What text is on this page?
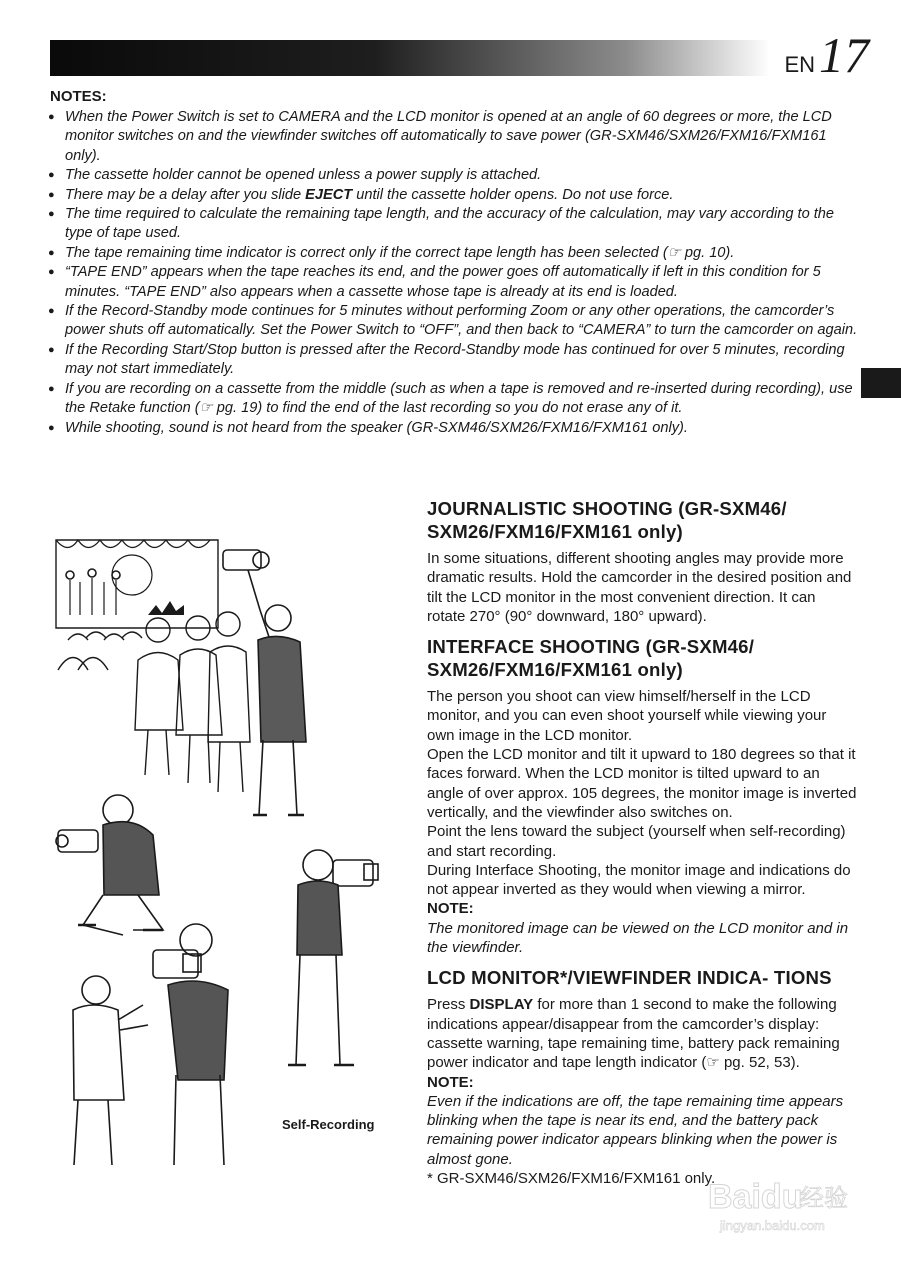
EN17
NOTES:
● When the Power Switch is set to CAMERA and the LCD monitor is opened at an angle of 60 degrees or more, the LCD monitor switches on and the viewfinder switches off automatically to save power (GR-SXM46/SXM26/FXM16/FXM161 only).
● The cassette holder cannot be opened unless a power supply is attached.
● There may be a delay after you slide EJECT until the cassette holder opens. Do not use force.
● The time required to calculate the remaining tape length, and the accuracy of the calculation, may vary according to the type of tape used.
● The tape remaining time indicator is correct only if the correct tape length has been selected (☞ pg. 10).
● “TAPE END” appears when the tape reaches its end, and the power goes off automatically if left in this condition for 5 minutes. “TAPE END” also appears when a cassette whose tape is already at its end is loaded.
● If the Record-Standby mode continues for 5 minutes without performing Zoom or any other operations, the camcorder’s power shuts off automatically. Set the Power Switch to “OFF”, and then back to “CAMERA” to turn the camcorder on again.
● If the Recording Start/Stop button is pressed after the Record-Standby mode has continued for over 5 minutes, recording may not start immediately.
● If you are recording on a cassette from the middle (such as when a tape is removed and re-inserted during recording), use the Retake function (☞ pg. 19) to find the end of the last recording so you do not erase any of it.
● While shooting, sound is not heard from the speaker (GR-SXM46/SXM26/FXM16/FXM161 only).
Self-Recording
JOURNALISTIC SHOOTING (GR-SXM46/ SXM26/FXM16/FXM161 only)

In some situations, different shooting angles may provide more dramatic results. Hold the camcorder in the desired position and tilt the LCD monitor in the most convenient direction. It can rotate 270° (90° downward, 180° upward).

INTERFACE SHOOTING (GR-SXM46/ SXM26/FXM16/FXM161 only)

The person you shoot can view himself/herself in the LCD monitor, and you can even shoot yourself while viewing your own image in the LCD monitor.

Open the LCD monitor and tilt it upward to 180 degrees so that it faces forward. When the LCD monitor is tilted upward to an angle of over approx. 105 degrees, the monitor image is inverted vertically, and the viewfinder also switches on.

Point the lens toward the subject (yourself when self-recording) and start recording.

During Interface Shooting, the monitor image and indications do not appear inverted as they would when viewing a mirror.

NOTE:

The monitored image can be viewed on the LCD monitor and in the viewfinder.

LCD MONITOR*/VIEWFINDER INDICA- TIONS

Press DISPLAY for more than 1 second to make the following indications appear/disappear from the camcorder’s display: cassette warning, tape remaining time, battery pack remaining power indicator and tape length indicator (☞ pg. 52, 53).

NOTE:

Even if the indications are off, the tape remaining time appears blinking when the tape is near its end, and the battery pack remaining power indicator appears blinking when the power is almost gone.

* GR-SXM46/SXM26/FXM16/FXM161 only.

Baidu
经验
jingyan.baidu.com
